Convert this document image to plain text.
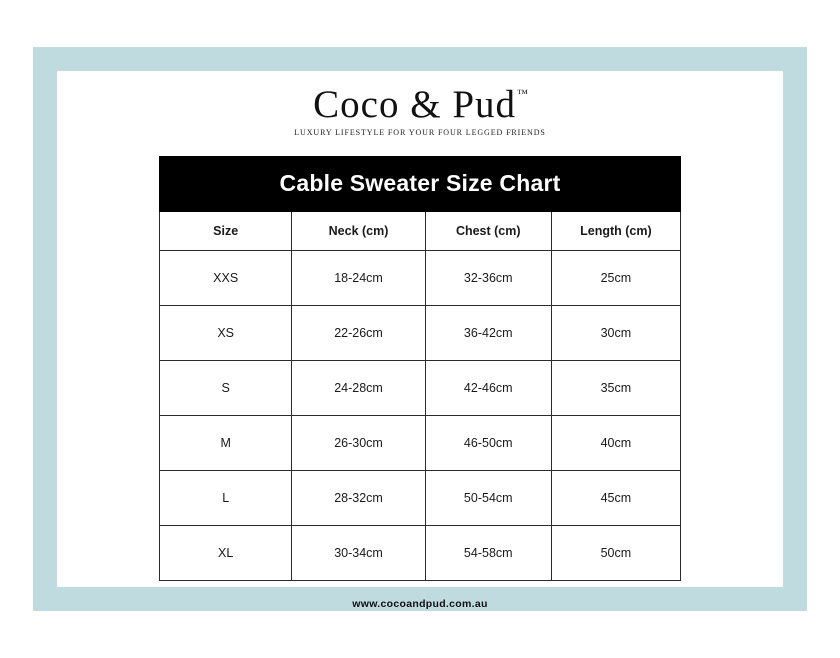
Coco & Pud™
LUXURY LIFESTYLE FOR YOUR FOUR LEGGED FRIENDS
Cable Sweater Size Chart			
Size	Neck (cm)	Chest (cm)	Length (cm)
XXS	18-24cm	32-36cm	25cm
XS	22-26cm	36-42cm	30cm
S	24-28cm	42-46cm	35cm
M	26-30cm	46-50cm	40cm
L	28-32cm	50-54cm	45cm
XL	30-34cm	54-58cm	50cm
www.cocoandpud.com.au
